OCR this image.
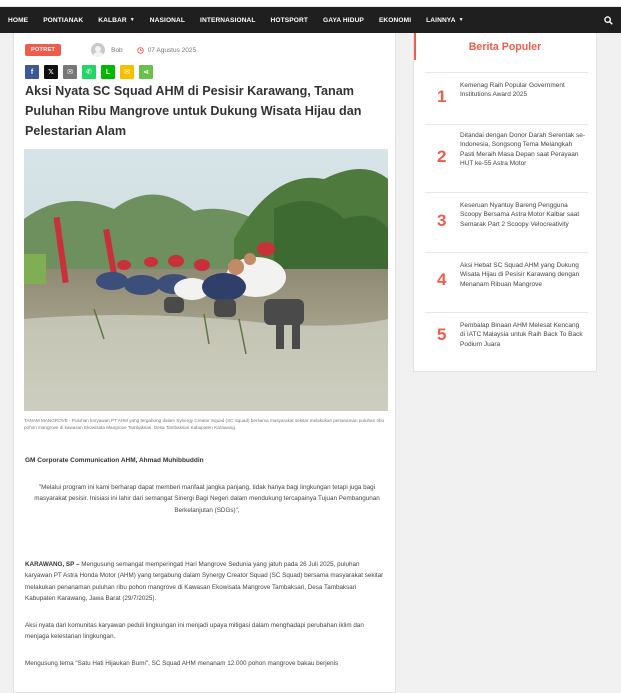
HOME PONTIANAK KALBAR ▼ NASIONAL INTERNASIONAL HOTSPORT GAYA HIDUP EKONOMI LAINNYA ▼
POTRET	Bob	07 Agustus 2025
f 𝕏 ✉ ✆ L ✉ ⋖
Aksi Nyata SC Squad AHM di Pesisir Karawang, Tanam Puluhan Ribu Mangrove untuk Dukung Wisata Hijau dan Pelestarian Alam

TANAM MANGROVE - Puluhan karyawan PT AHM yang tergabung dalam Synergy Creator Squad (SC Squad) bersama masyarakat sekitar melakukan penanaman puluhan ribu pohon mangrove di kawasan Ekowisata Mangrove Tambaksari, Desa Tambaksari Kabupaten Karawang.

GM Corporate Communication AHM, Ahmad Muhibbuddin

"Melalui program ini kami berharap dapat memberi manfaat jangka panjang, tidak hanya bagi lingkungan tetapi juga bagi masyarakat pesisir. Inisiasi ini lahir dari semangat Sinergi Bagi Negeri dalam mendukung tercapainya Tujuan Pembangunan Berkelanjutan (SDGs)",

KARAWANG, SP – Mengusung semangat memperingati Hari Mangrove Sedunia yang jatuh pada 26 Juli 2025, puluhan karyawan PT Astra Honda Motor (AHM) yang tergabung dalam Synergy Creator Squad (SC Squad) bersama masyarakat sekitar melakukan penanaman puluhan ribu pohon mangrove di Kawasan Ekowisata Mangrove Tambaksari, Desa Tambaksari Kabupaten Karawang, Jawa Barat (29/7/2025).

Aksi nyata dari komunitas karyawan peduli lingkungan ini menjadi upaya mitigasi dalam menghadapi perubahan iklim dan menjaga kelestarian lingkungan.

Mengusung tema "Satu Hati Hijaukan Bumi", SC Squad AHM menanam 12.000 pohon mangrove bakau berjenis

Berita Populer
1
Kemenag Raih Popular Government Institutions Award 2025
2
Ditandai dengan Donor Darah Serentak se-Indonesia, Songsong Tema Melangkah Pasti Meraih Masa Depan saat Perayaan HUT ke-55 Astra Motor
3
Keseruan Nyantuy Bareng Pengguna Scoopy Bersama Astra Motor Kalbar saat Semarak Part 2 Scoopy Velocreativity
4
Aksi Hebat SC Squad AHM yang Dukung Wisata Hijau di Pesisir Karawang dengan Menanam Ribuan Mangrove
5 Pembalap Binaan AHM Melesat Kencang di IATC Malaysia untuk Raih Back To Back Podium Juara
